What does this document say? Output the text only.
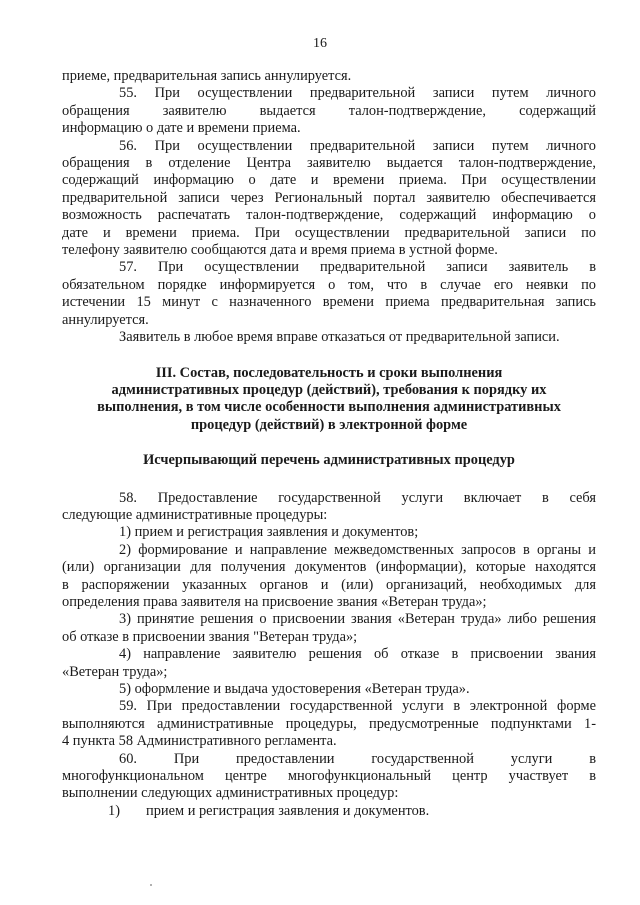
16

приеме, предварительная запись аннулируется.

55. При осуществлении предварительной записи путем личного

обращения заявителю выдается талон-подтверждение, содержащий

информацию о дате и времени приема.

56. При осуществлении предварительной записи путем личного

обращения в отделение Центра заявителю выдается талон-подтверждение,

содержащий информацию о дате и времени приема. При осуществлении

предварительной записи через Региональный портал заявителю обеспечивается

возможность распечатать талон-подтверждение, содержащий информацию о

дате и времени приема. При осуществлении предварительной записи по

телефону заявителю сообщаются дата и время приема в устной форме.

57. При осуществлении предварительной записи заявитель в

обязательном порядке информируется о том, что в случае его неявки по

истечении 15 минут с назначенного времени приема предварительная запись

аннулируется.

Заявитель в любое время вправе отказаться от предварительной записи.

III. Состав, последовательность и сроки выполнения

административных процедур (действий), требования к порядку их

выполнения, в том числе особенности выполнения административных

процедур (действий) в электронной форме

Исчерпывающий перечень административных процедур

58. Предоставление государственной услуги включает в себя

следующие административные процедуры:

1) прием и регистрация заявления и документов;

2) формирование и направление межведомственных запросов в органы и

(или) организации для получения документов (информации), которые находятся

в распоряжении указанных органов и (или) организаций, необходимых для

определения права заявителя на присвоение звания «Ветеран труда»;

3) принятие решения о присвоении звания «Ветеран труда» либо решения

об отказе в присвоении звания "Ветеран труда»;

4) направление заявителю решения об отказе в присвоении звания

«Ветеран труда»;

5) оформление и выдача удостоверения «Ветеран труда».

59. При предоставлении государственной услуги в электронной форме

выполняются административные процедуры, предусмотренные подпунктами 1-

4 пункта 58 Административного регламента.

60. При предоставлении государственной услуги в

многофункциональном центре многофункциональный центр участвует в

выполнении следующих административных процедур:

1)	прием и регистрация заявления и документов.
